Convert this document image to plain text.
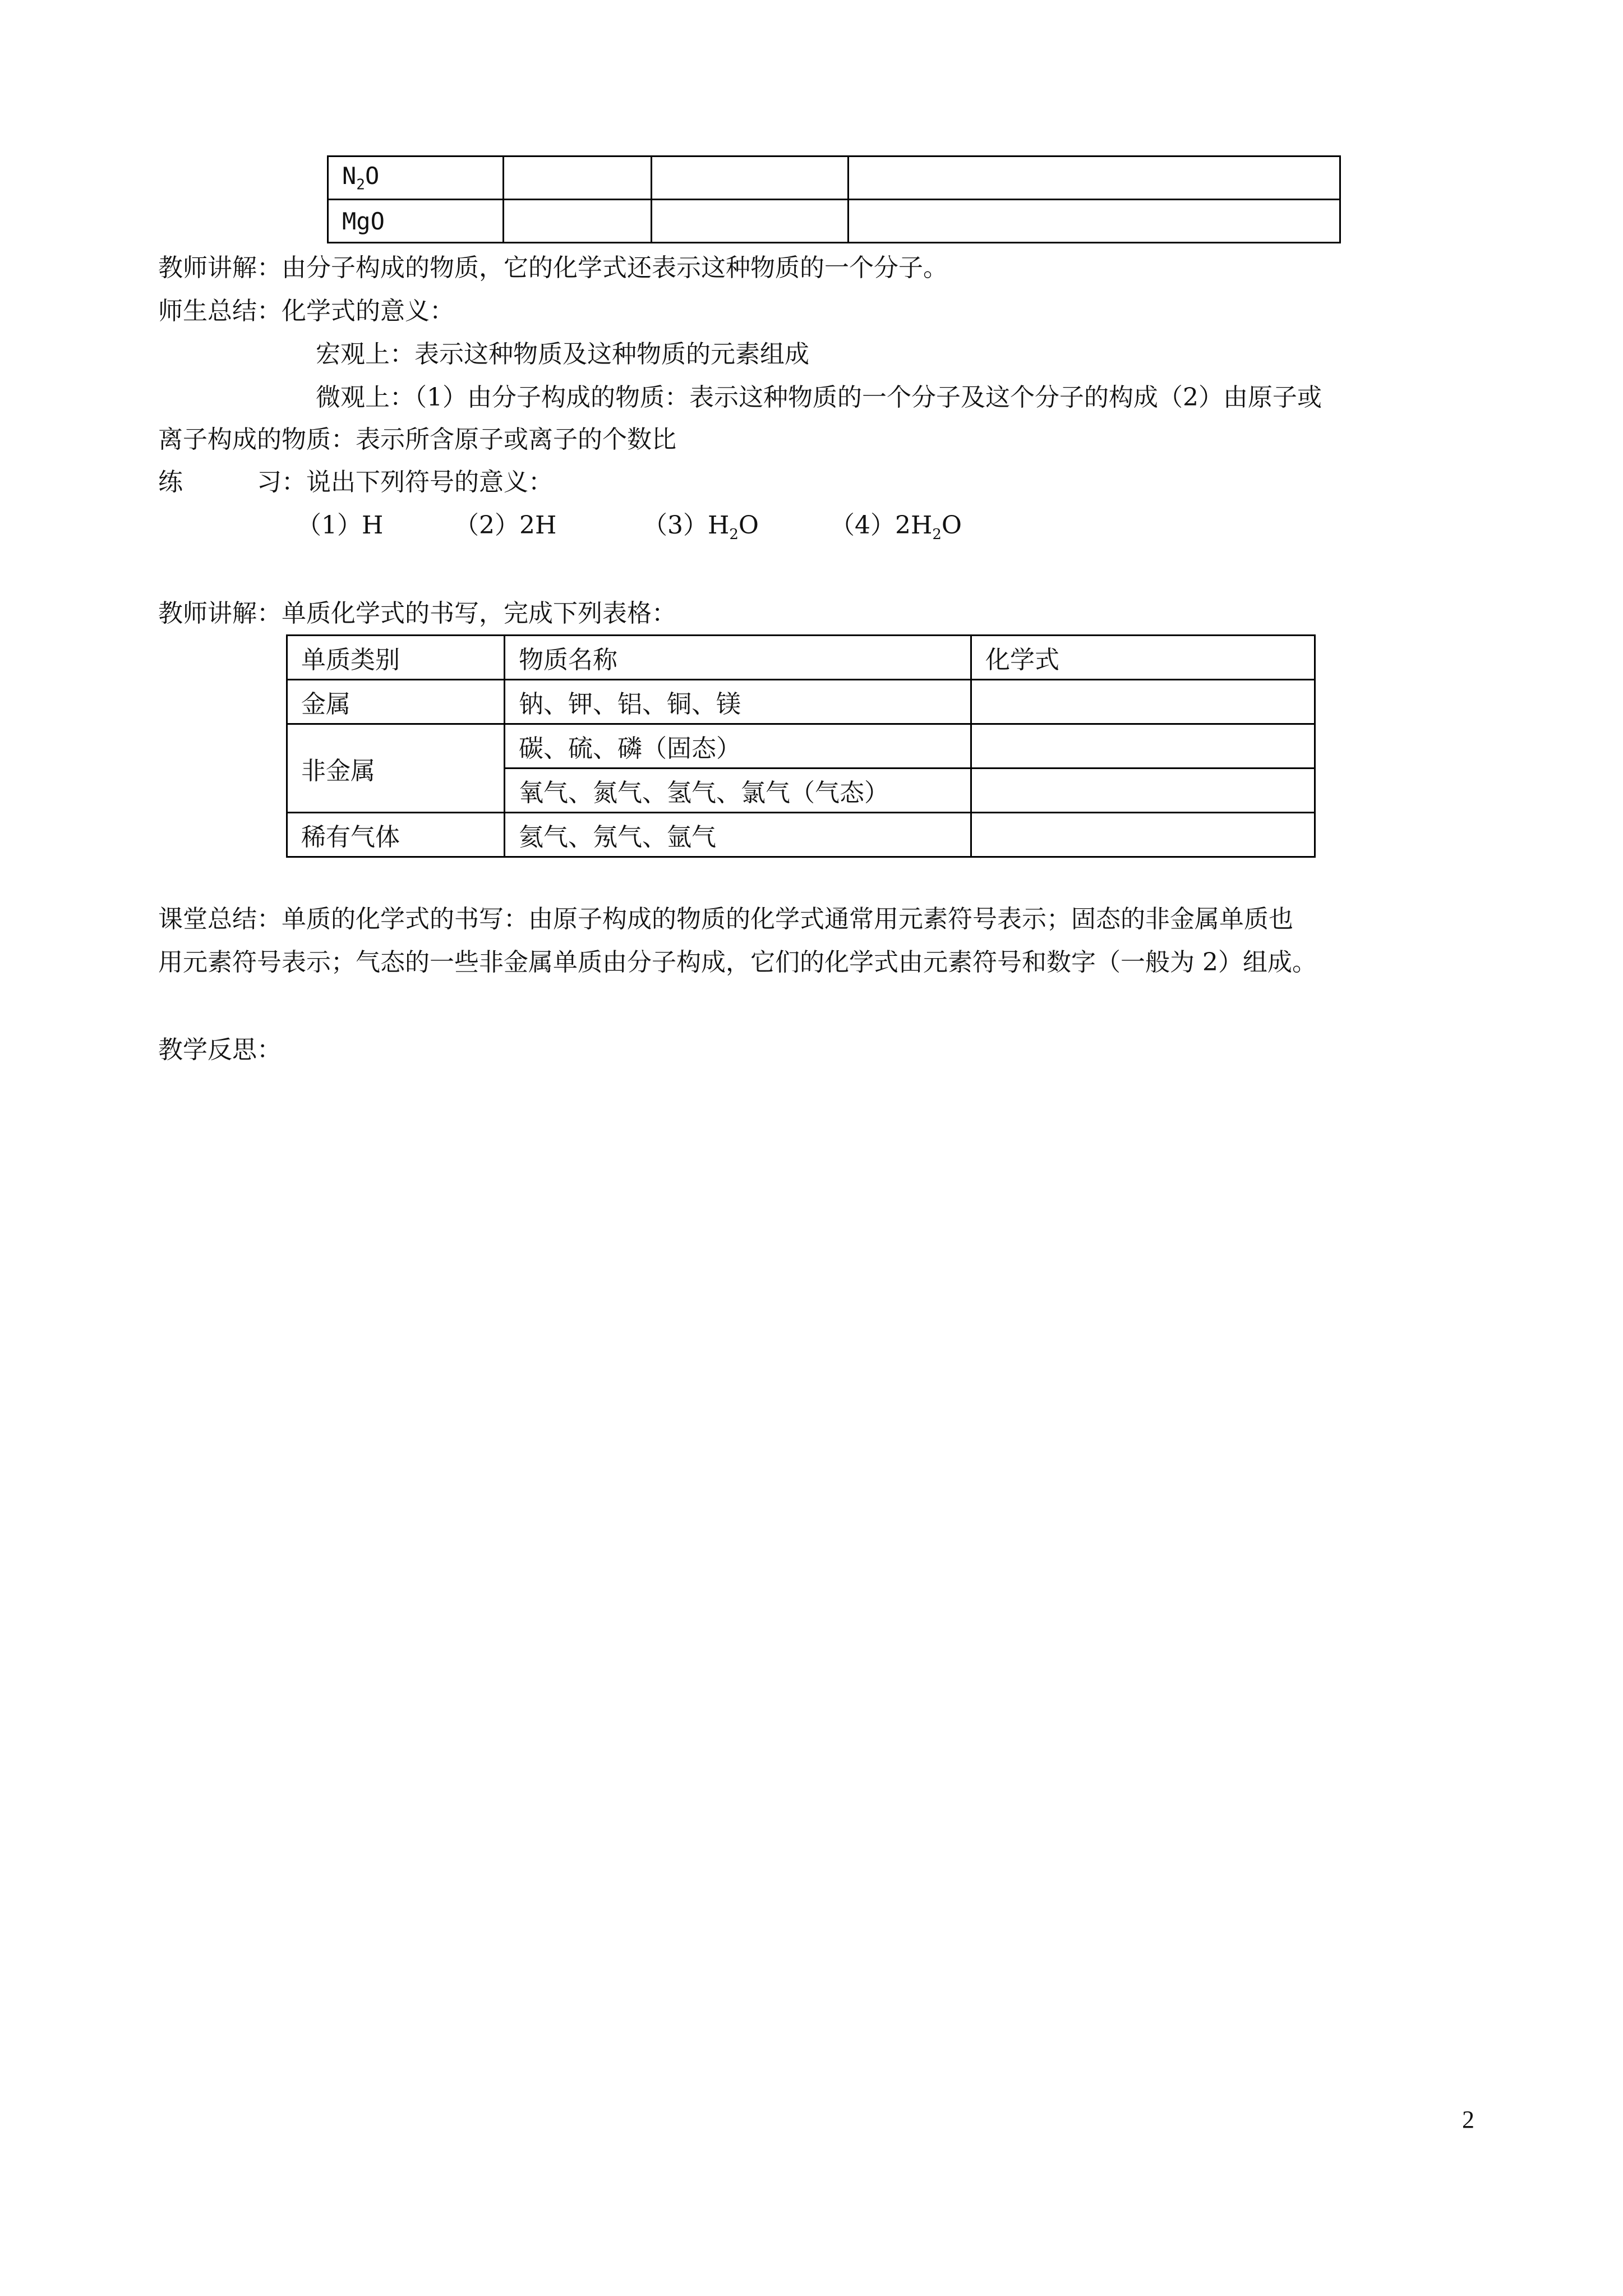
$N_2O$			
MgO			
教师讲解：由分子构成的物质，它的化学式还表示这种物质的一个分子。
师生总结：化学式的意义：
宏观上：表示这种物质及这种物质的元素组成
微观上：（1）由分子构成的物质：表示这种物质的一个分子及这个分子的构成（2）由原子或
离子构成的物质：表示所含原子或离子的个数比
练	习：说出下列符号的意义：
（1）H	（2）2H	$(3)H_2O$	$(4)2H_2O$
教师讲解：单质化学式的书写，完成下列表格：
单质类别	物质名称	化学式
金属	钠、钾、铝、铜、镁	
非金属	碳、硫、磷（固态）	
	氧气、氮气、氢气、氯气（气态）	
稀有气体	氦气、氖气、氩气	
课堂总结：单质的化学式的书写：由原子构成的物质的化学式通常用元素符号表示；固态的非金属单质也
用元素符号表示；气态的一些非金属单质由分子构成，它们的化学式由元素符号和数字（一般为 2）组成。
教学反思：
2
